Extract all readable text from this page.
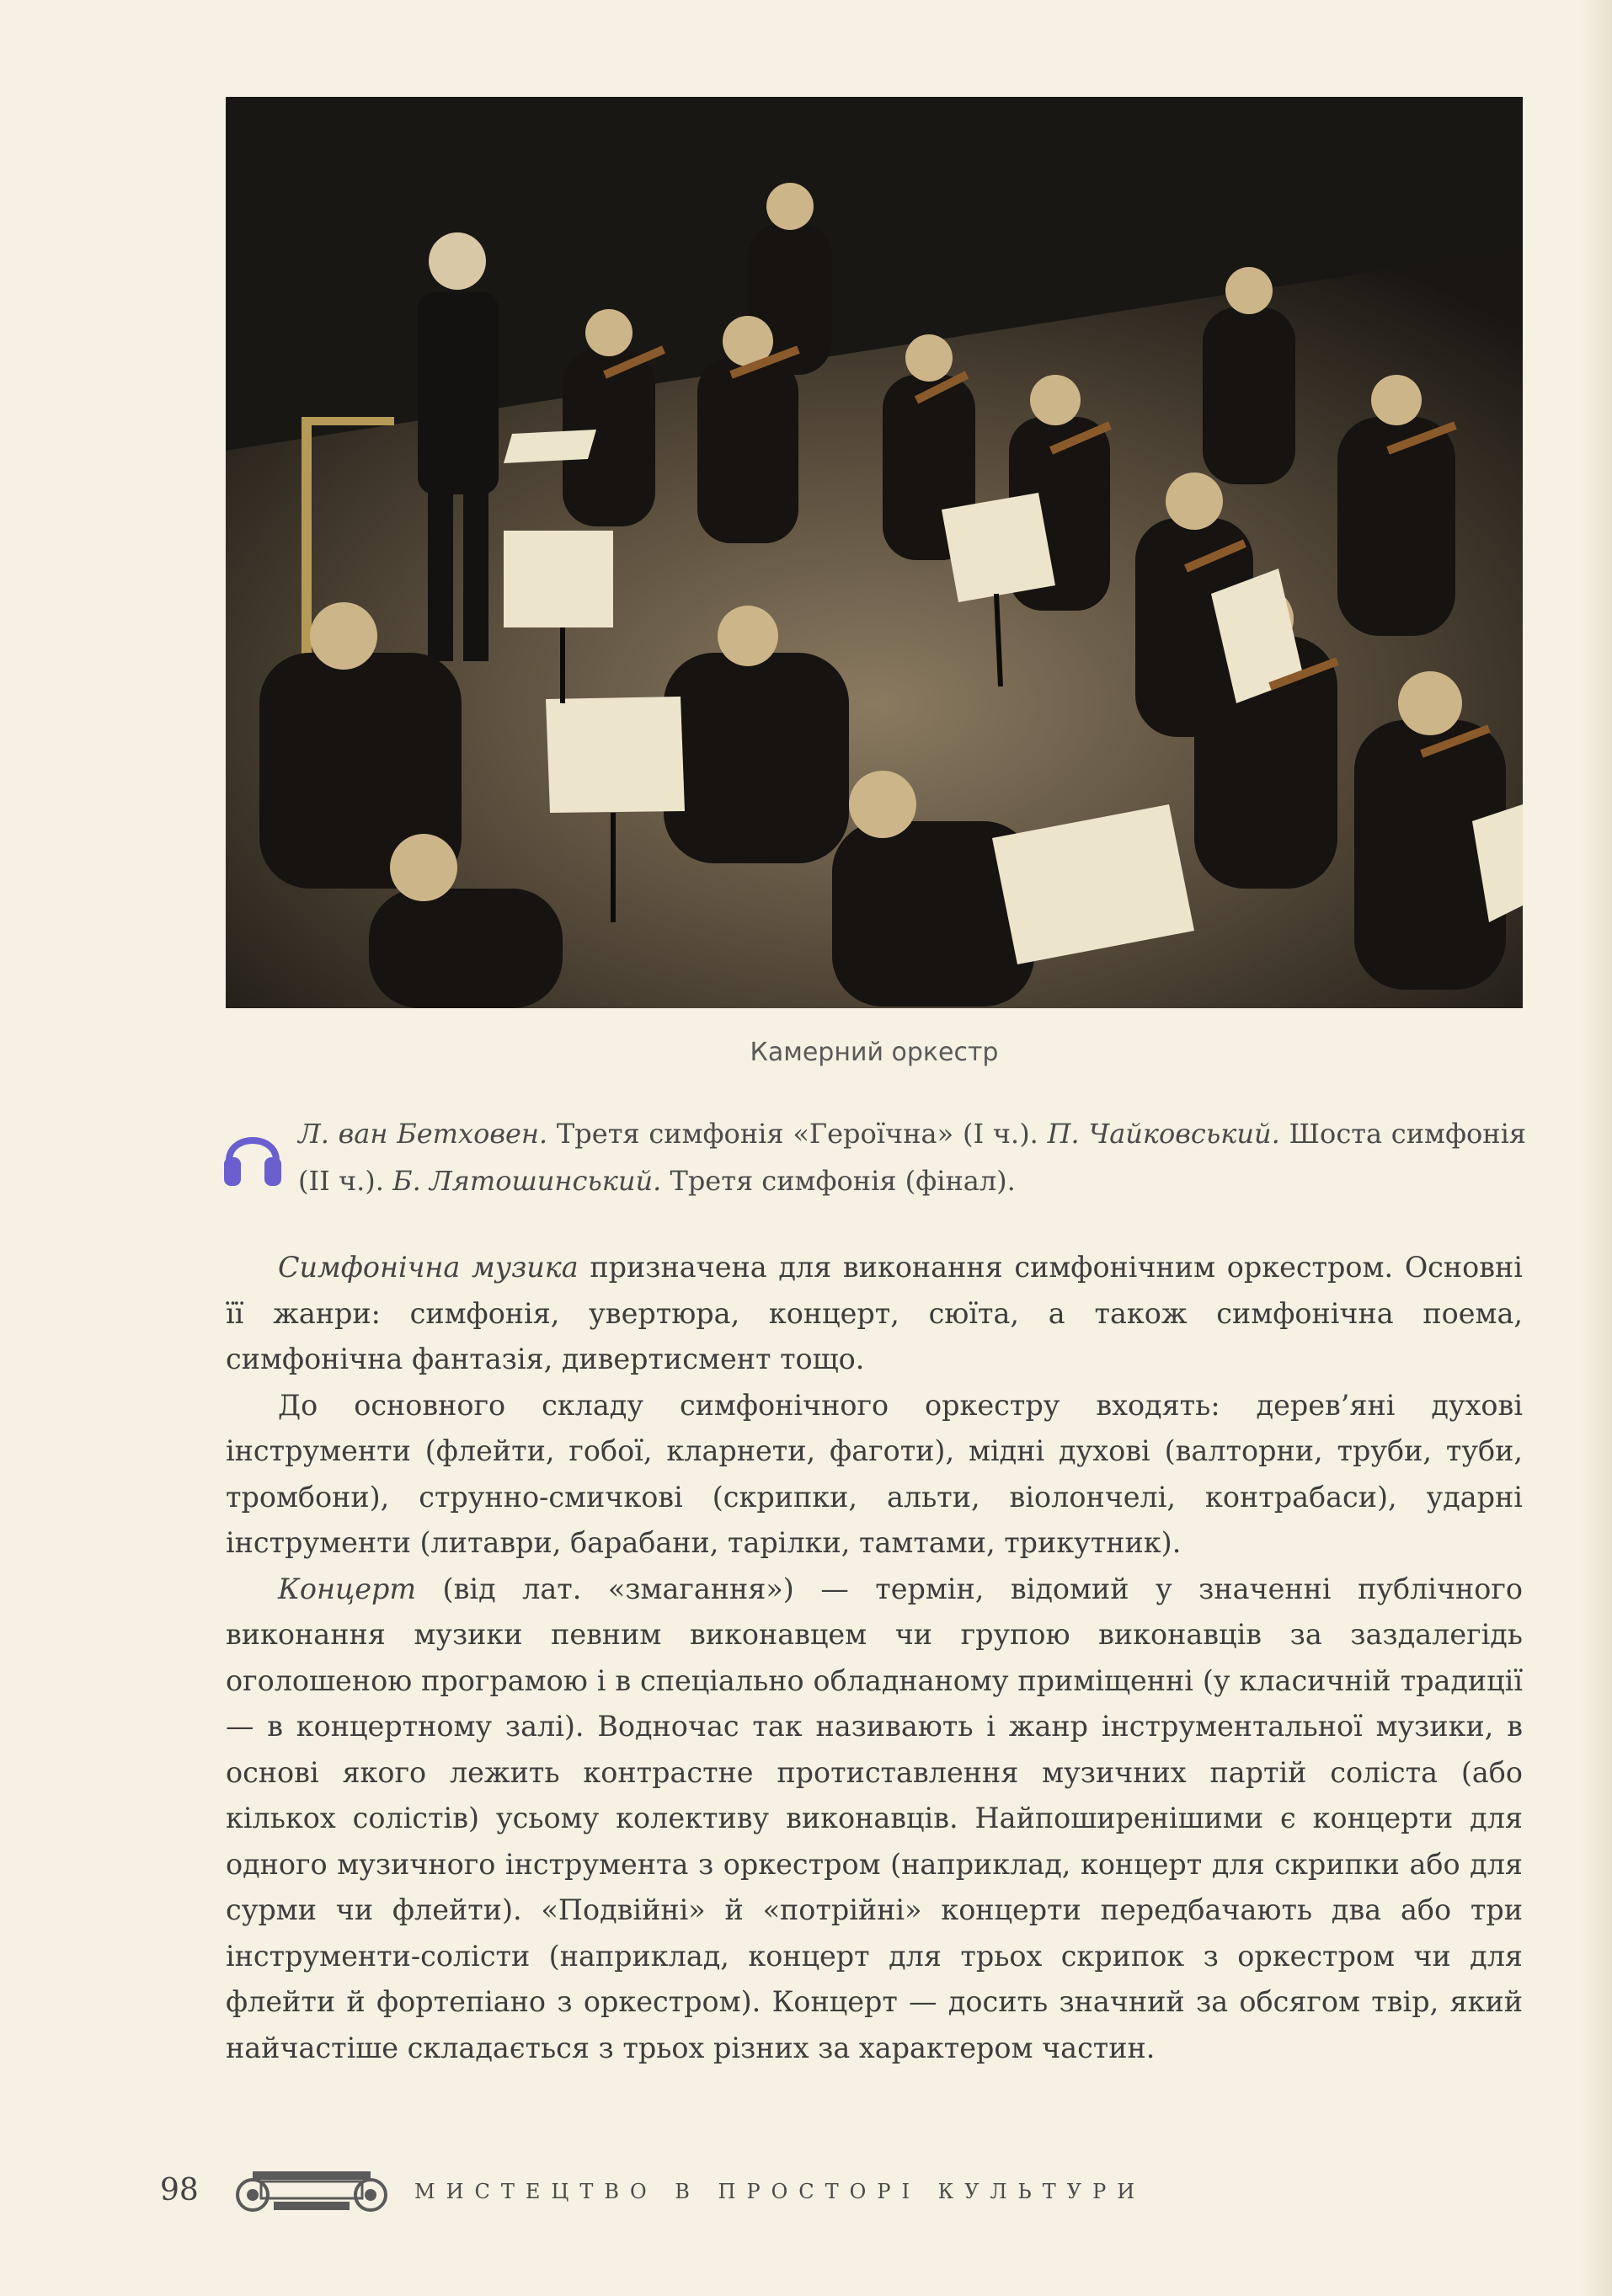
Камерний оркестр
Л. ван Бетховен. Третя симфонія «Героїчна» (І ч.). П. Чайковський. Шоста симфонія (ІІ ч.). Б. Лятошинський. Третя симфонія (фінал).

Симфонічна музика призначена для виконання симфонічним оркестром. Основні її жанри: симфонія, увертюра, концерт, сюїта, а також симфонічна поема, симфонічна фантазія, дивертисмент тощо.

До основного складу симфонічного оркестру входять: дерев’яні духові інструменти (флейти, гобої, кларнети, фаготи), мідні духові (валторни, труби, туби, тромбони), струнно-смичкові (скрипки, альти, віолончелі, контрабаси), ударні інструменти (литаври, барабани, тарілки, тамтами, трикутник).

Концерт (від лат. «змагання») — термін, відомий у значенні публічного виконання музики певним виконавцем чи групою виконавців за заздалегідь оголошеною програмою і в спеціально обладнаному приміщенні (у класичній традиції — в концертному залі). Водночас так називають і жанр інструментальної музики, в основі якого лежить контрастне протиставлення музичних партій соліста (або кількох солістів) усьому колективу виконавців. Найпоширенішими є концерти для одного музичного інструмента з оркестром (наприклад, концерт для скрипки або для сурми чи флейти). «Подвійні» й «потрійні» концерти передбачають два або три інструменти-солісти (наприклад, концерт для трьох скрипок з оркестром чи для флейти й фортепіано з оркестром). Концерт — досить значний за обсягом твір, який найчастіше складається з трьох різних за характером частин.

98	МИСТЕЦТВО В ПРОСТОРІ КУЛЬТУРИ
